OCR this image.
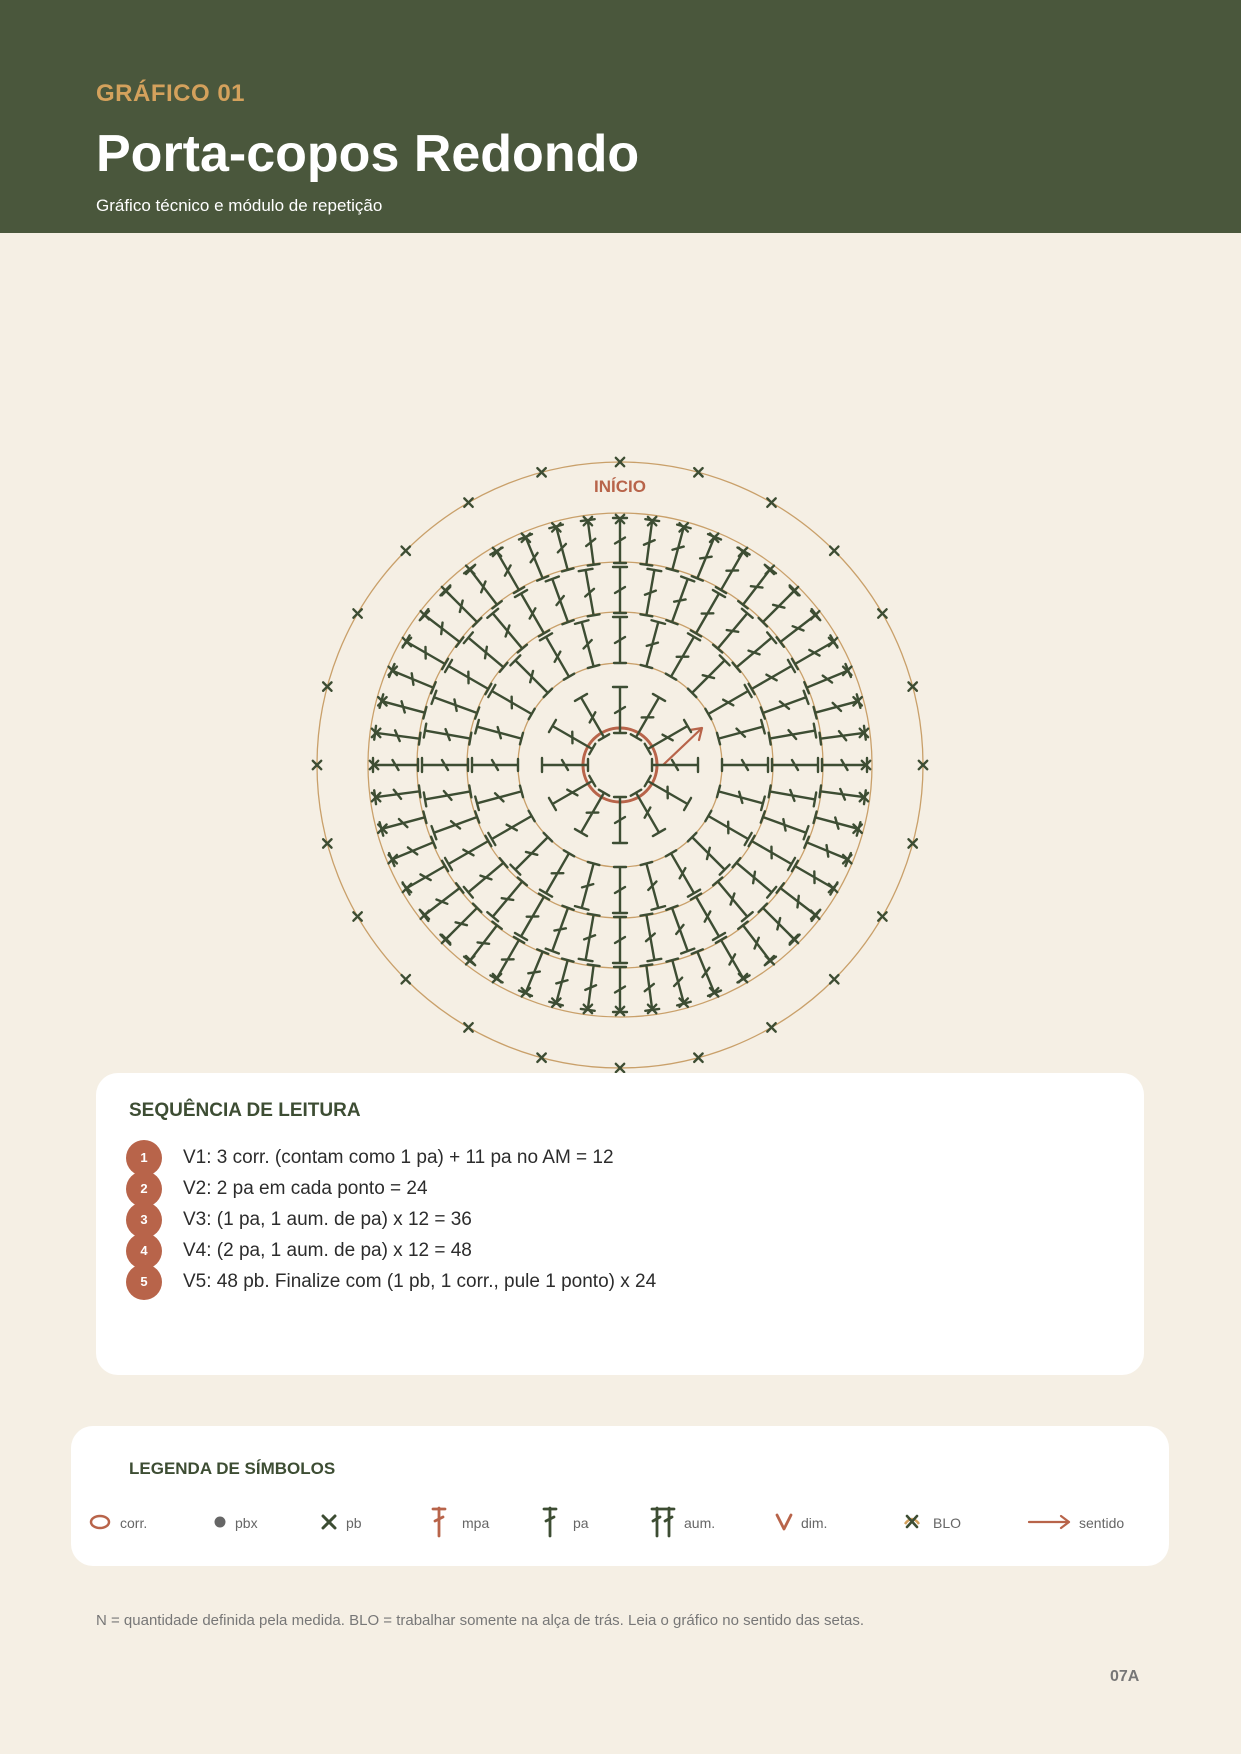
GRÁFICO 01
Porta-copos Redondo
Gráfico técnico e módulo de repetição
INÍCIO
SEQUÊNCIA DE LEITURA
1	V1: 3 corr. (contam como 1 pa) + 11 pa no AM = 12
2	V2: 2 pa em cada ponto = 24
3	V3: (1 pa, 1 aum. de pa) x 12 = 36
4	V4: (2 pa, 1 aum. de pa) x 12 = 48
5	V5: 48 pb. Finalize com (1 pb, 1 corr., pule 1 ponto) x 24
LEGENDA DE SÍMBOLOS
corr.	pbx	pb	mpa	pa	aum.	dim.	BLO	sentido
N = quantidade definida pela medida. BLO = trabalhar somente na alça de trás. Leia o gráfico no sentido das setas.
07A
